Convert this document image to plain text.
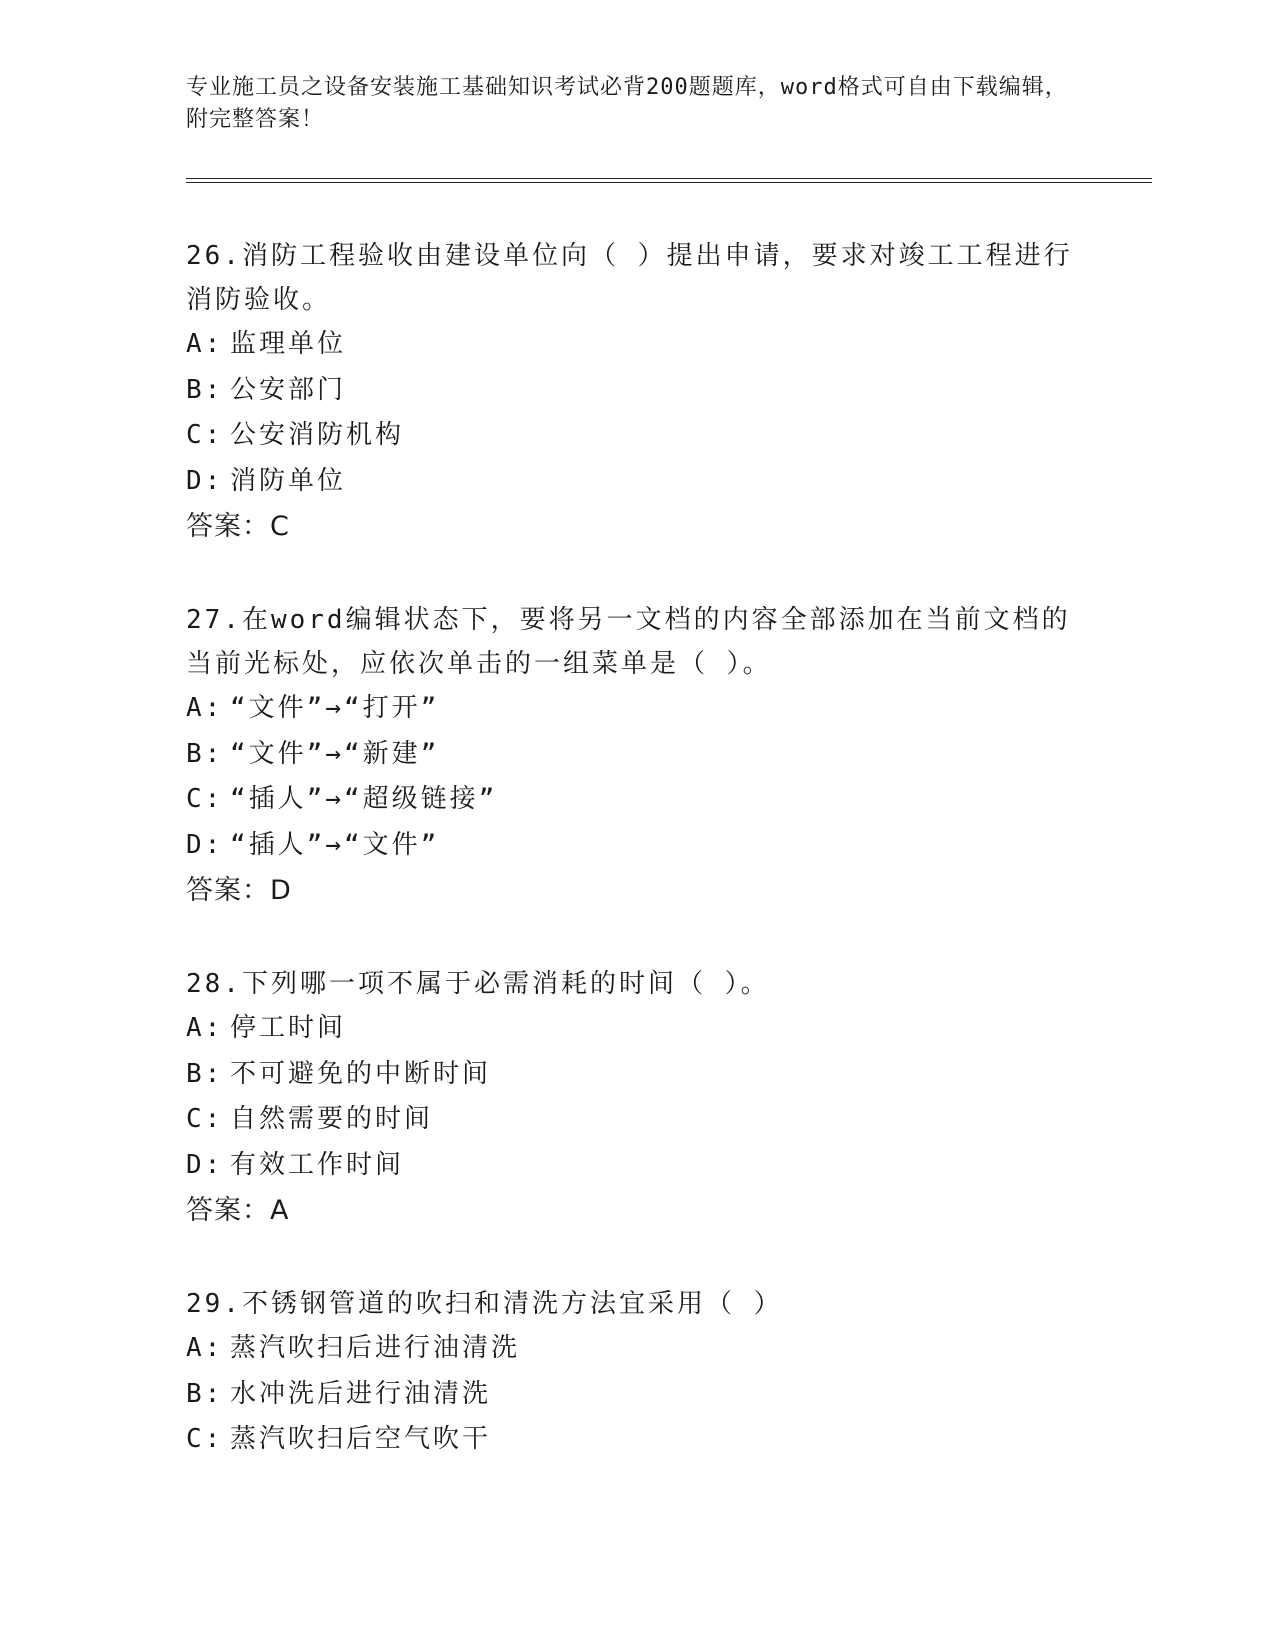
专业施工员之设备安装施工基础知识考试必背200题题库，word格式可自由下载编辑，附完整答案！
26.消防工程验收由建设单位向（ ）提出申请，要求对竣工工程进行消防验收。
A: 监理单位
B: 公安部门
C: 公安消防机构
D: 消防单位
答案：C
27.在word编辑状态下，要将另一文档的内容全部添加在当前文档的当前光标处，应依次单击的一组菜单是（ ）。
A: “文件”→“打开”
B: “文件”→“新建”
C: “插人”→“超级链接”
D: “插人”→“文件”
答案：D
28.下列哪一项不属于必需消耗的时间（ ）。
A: 停工时间
B: 不可避免的中断时间
C: 自然需要的时间
D: 有效工作时间
答案：A
29.不锈钢管道的吹扫和清洗方法宜采用（ ）
A: 蒸汽吹扫后进行油清洗
B: 水冲洗后进行油清洗
C: 蒸汽吹扫后空气吹干
